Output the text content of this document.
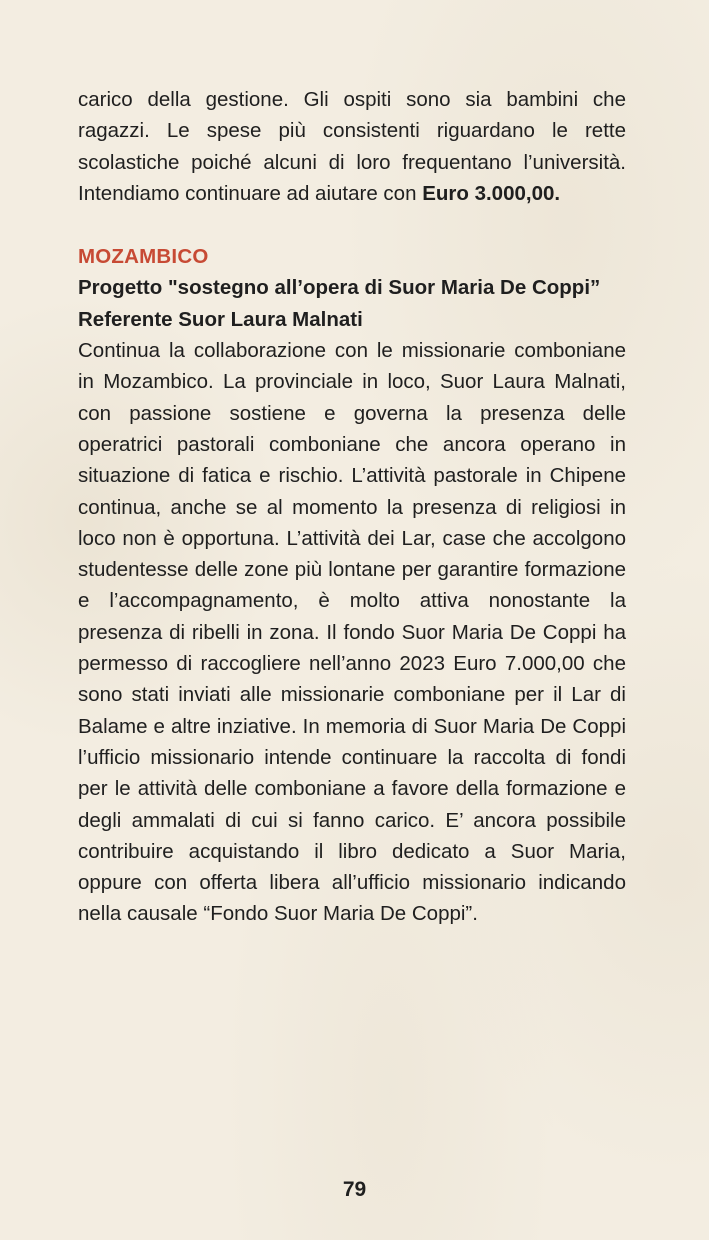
carico della gestione. Gli ospiti sono sia bambini che ragazzi. Le spese più consistenti riguardano le rette scolastiche poiché alcuni di loro frequentano l’università. Intendiamo continuare ad aiutare con Euro 3.000,00.

MOZAMBICO
Progetto "sostegno all’opera di Suor Maria De Coppi”
Referente Suor Laura Malnati

Continua la collaborazione con le missionarie comboniane in Mozambico. La provinciale in loco, Suor Laura Malnati, con passione sostiene e governa la presenza delle operatrici pastorali comboniane che ancora operano in situazione di fatica e rischio. L’attività pastorale in Chipene continua, anche se al momento la presenza di religiosi in loco non è opportuna. L’attività dei Lar, case che accolgono studentesse delle zone più lontane per garantire formazione e l’accompagnamento, è molto attiva nonostante la presenza di ribelli in zona. Il fondo Suor Maria De Coppi ha permesso di raccogliere nell’anno 2023 Euro 7.000,00 che sono stati inviati alle missionarie comboniane per il Lar di Balame e altre inziative. In memoria di Suor Maria De Coppi l’ufficio missionario intende continuare la raccolta di fondi per le attività delle comboniane a favore della formazione e degli ammalati di cui si fanno carico. E’ ancora possibile contribuire acquistando il libro dedicato a Suor Maria, oppure con offerta libera all’ufficio missionario indicando nella causale “Fondo Suor Maria De Coppi”.

79
